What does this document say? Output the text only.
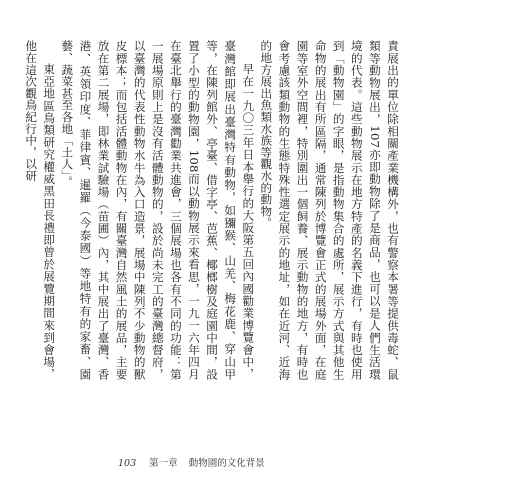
責展出的單位除相關產業機構外，也有警察本署等提供毒蛇、鼠類等動物展出，107亦即動物除了是商品，也可以是人們生活環境的代表。這些動物展示在地方特產的名義下進行，有時也使用到「動物園」的字眼，是指動物集合的處所，展示方式與其他生命物的展出有所區隔，通常陳列於博覽會正式的展場外面，在庭園等室外空間裡，特別圍出一個飼養、展示動物的地方，有時也會考慮該類動物的生態特殊性選定展示的地址，如在近河、近海的地方展出魚類水族等觀水的動物。

早在一九〇三年日本舉行的大阪第五回內國勸業博覽會中，臺灣館即展出臺灣特有動物，如獼猴、山羌、梅花鹿、穿山甲等，在陳列館外、亭臺、借字亭、芭蕉、椰榔樹及庭園中間，設置了小型的動物園，108而以動物展示來看思，一九一六年四月在臺北舉行的臺灣勸業共進會，三個展場也各有不同的功能：第一展場原則上是沒有活體動物的，設於尚未完工的臺灣總督府，以臺灣的代表性動物水牛為入口造景，展場中陳列不少動物的獸皮標本；而包括活體動物在內，有關臺灣自然風土的展品，主要放在第二展場，即林業試驗場（苗圃）內，其中展出了臺灣、香港、英領印度、菲律賓、暹羅（今泰國）等地特有的家畜、園藝、蔬菜甚至各地「土人」。

東亞地區鳥類研究權威黑田長禮即曾於展覽期間來到會場，他在這次觀鳥紀行中，以研

103 第一章 動物園的文化背景
